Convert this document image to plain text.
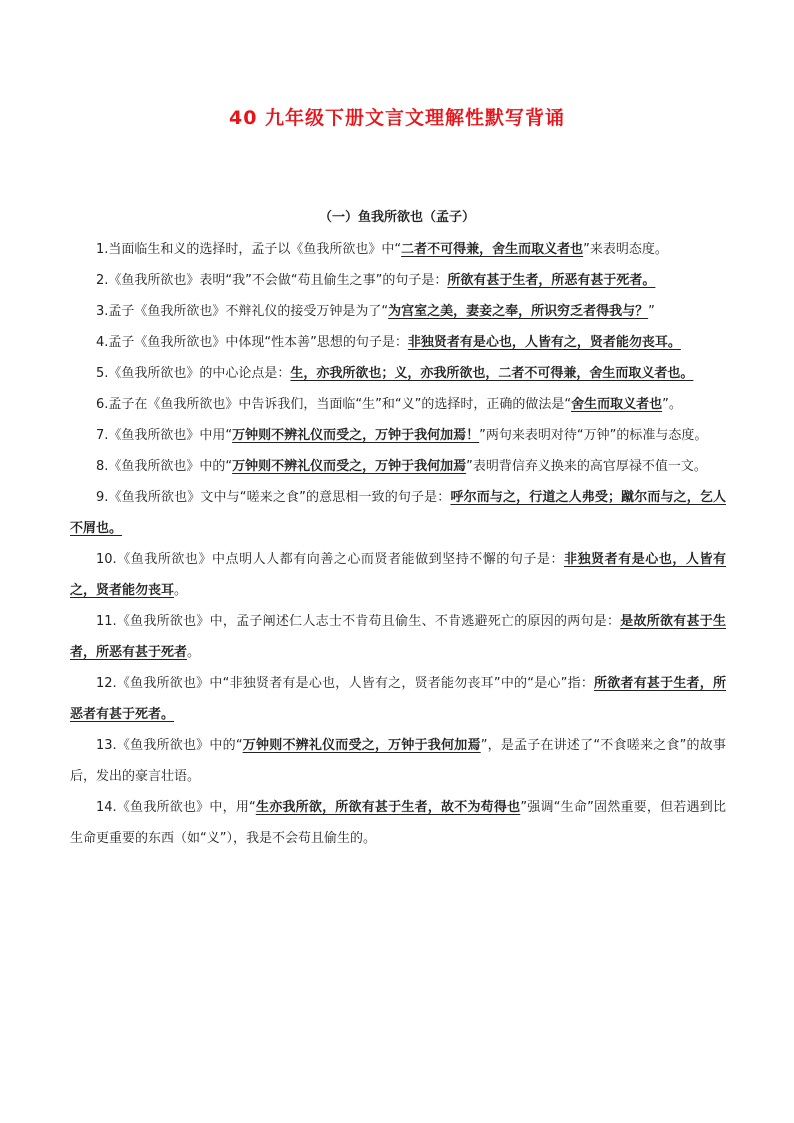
40 九年级下册文言文理解性默写背诵
（一）鱼我所欲也（孟子）

1.当面临生和义的选择时，孟子以《鱼我所欲也》中“二者不可得兼，舍生而取义者也”来表明态度。

2.《鱼我所欲也》表明“我”不会做“苟且偷生之事”的句子是：所欲有甚于生者，所恶有甚于死者。

3.孟子《鱼我所欲也》不辩礼仪的接受万钟是为了“为宫室之美，妻妾之奉，所识穷乏者得我与？”

4.孟子《鱼我所欲也》中体现“性本善”思想的句子是：非独贤者有是心也，人皆有之，贤者能勿丧耳。

5.《鱼我所欲也》的中心论点是：生，亦我所欲也；义，亦我所欲也，二者不可得兼，舍生而取义者也。

6.孟子在《鱼我所欲也》中告诉我们，当面临“生”和“义”的选择时，正确的做法是“舍生而取义者也”。

7.《鱼我所欲也》中用“万钟则不辨礼仪而受之，万钟于我何加焉！”两句来表明对待“万钟”的标准与态度。

8.《鱼我所欲也》中的“万钟则不辨礼仪而受之，万钟于我何加焉”表明背信弃义换来的高官厚禄不值一文。

9.《鱼我所欲也》文中与“嗟来之食”的意思相一致的句子是：呼尔而与之，行道之人弗受；蹴尔而与之，乞人不屑也。

10.《鱼我所欲也》中点明人人都有向善之心而贤者能做到坚持不懈的句子是：非独贤者有是心也，人皆有之，贤者能勿丧耳。

11.《鱼我所欲也》中，孟子阐述仁人志士不肯苟且偷生、不肯逃避死亡的原因的两句是：是故所欲有甚于生者，所恶有甚于死者。

12.《鱼我所欲也》中“非独贤者有是心也，人皆有之，贤者能勿丧耳”中的“是心”指：所欲者有甚于生者，所恶者有甚于死者。

13.《鱼我所欲也》中的“万钟则不辨礼仪而受之，万钟于我何加焉”，是孟子在讲述了“不食嗟来之食”的故事后，发出的豪言壮语。

14.《鱼我所欲也》中，用“生亦我所欲，所欲有甚于生者，故不为苟得也”强调“生命”固然重要，但若遇到比生命更重要的东西（如“义”），我是不会苟且偷生的。
